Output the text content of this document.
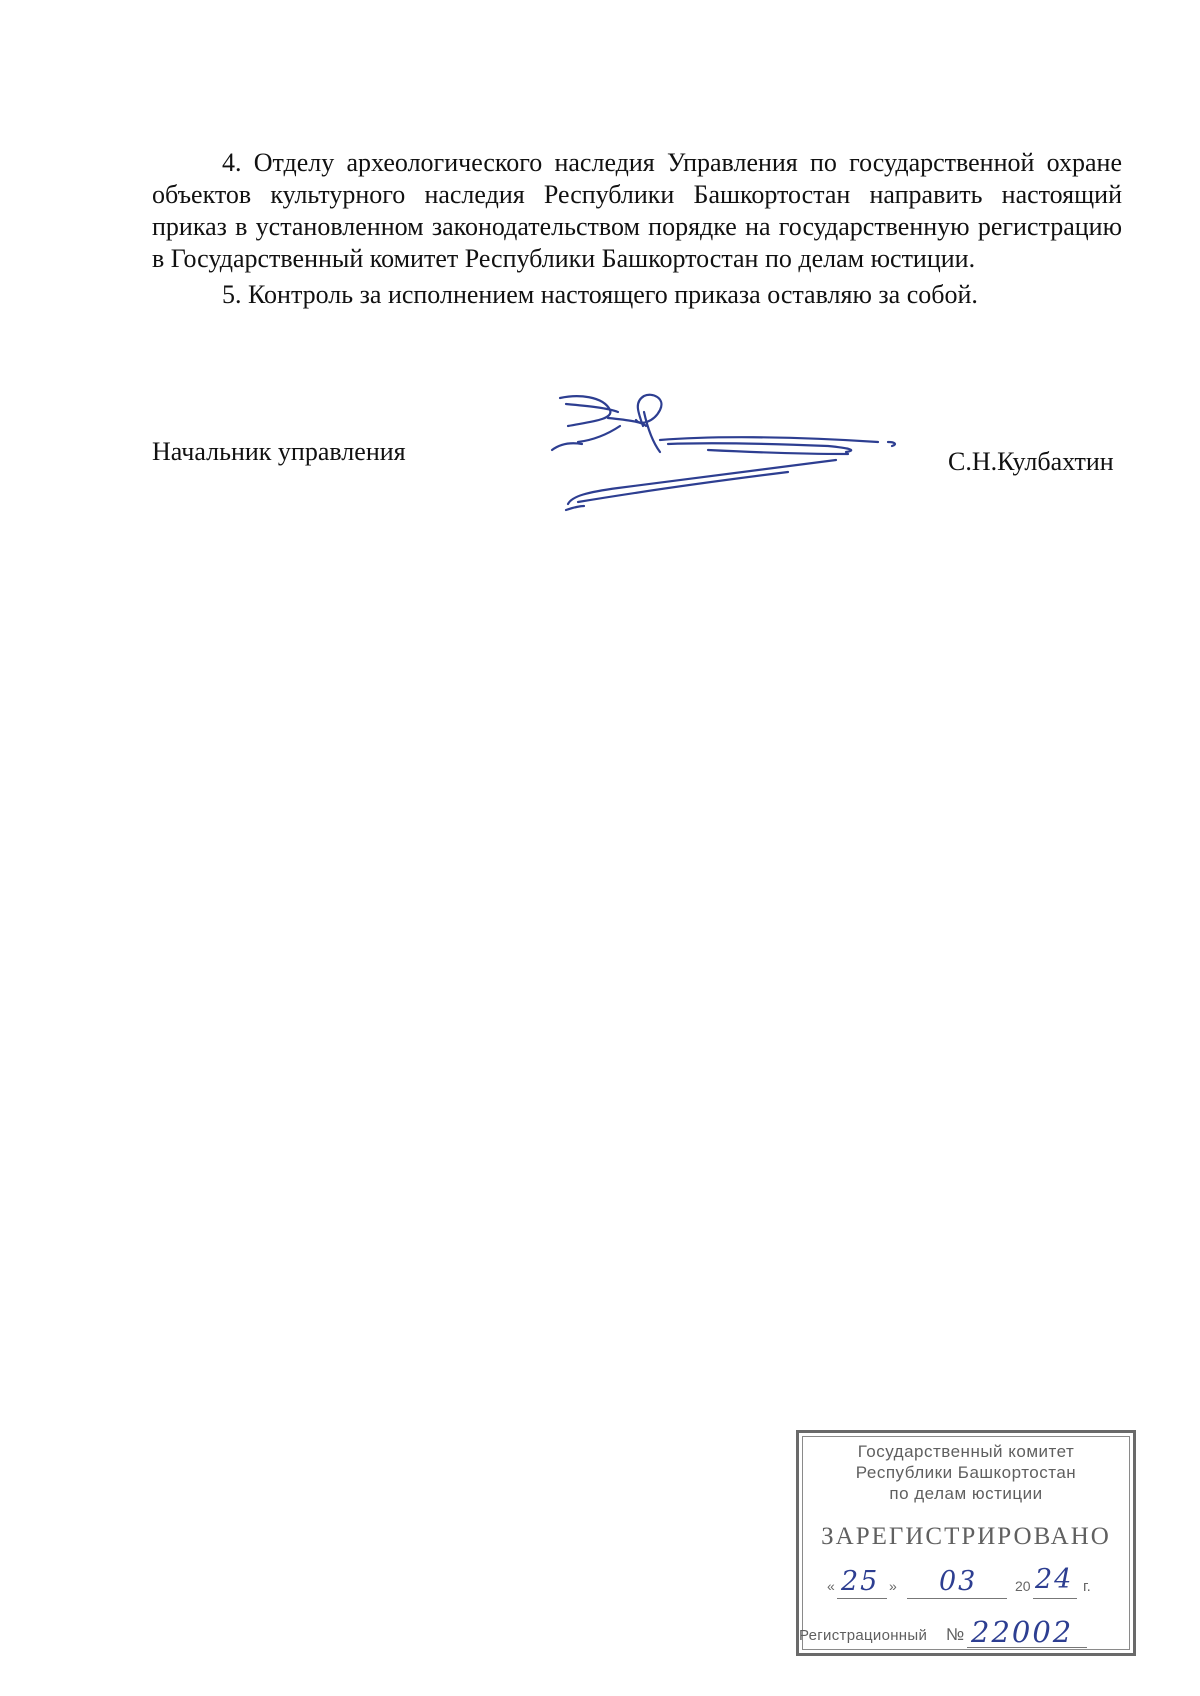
4. Отделу археологического наследия Управления по государственной охране объектов культурного наследия Республики Башкортостан направить настоящий приказ в установленном законодательством порядке на государственную регистрацию в Государственный комитет Республики Башкортостан по делам юстиции.

5. Контроль за исполнением настоящего приказа оставляю за собой.

Начальник управления	С.Н.Кулбахтин
Государственный комитет
Республики Башкортостан
по делам юстиции
ЗАРЕГИСТРИРОВАНО
« 25 » 03	20 24 г.
Регистрационный № 22002
